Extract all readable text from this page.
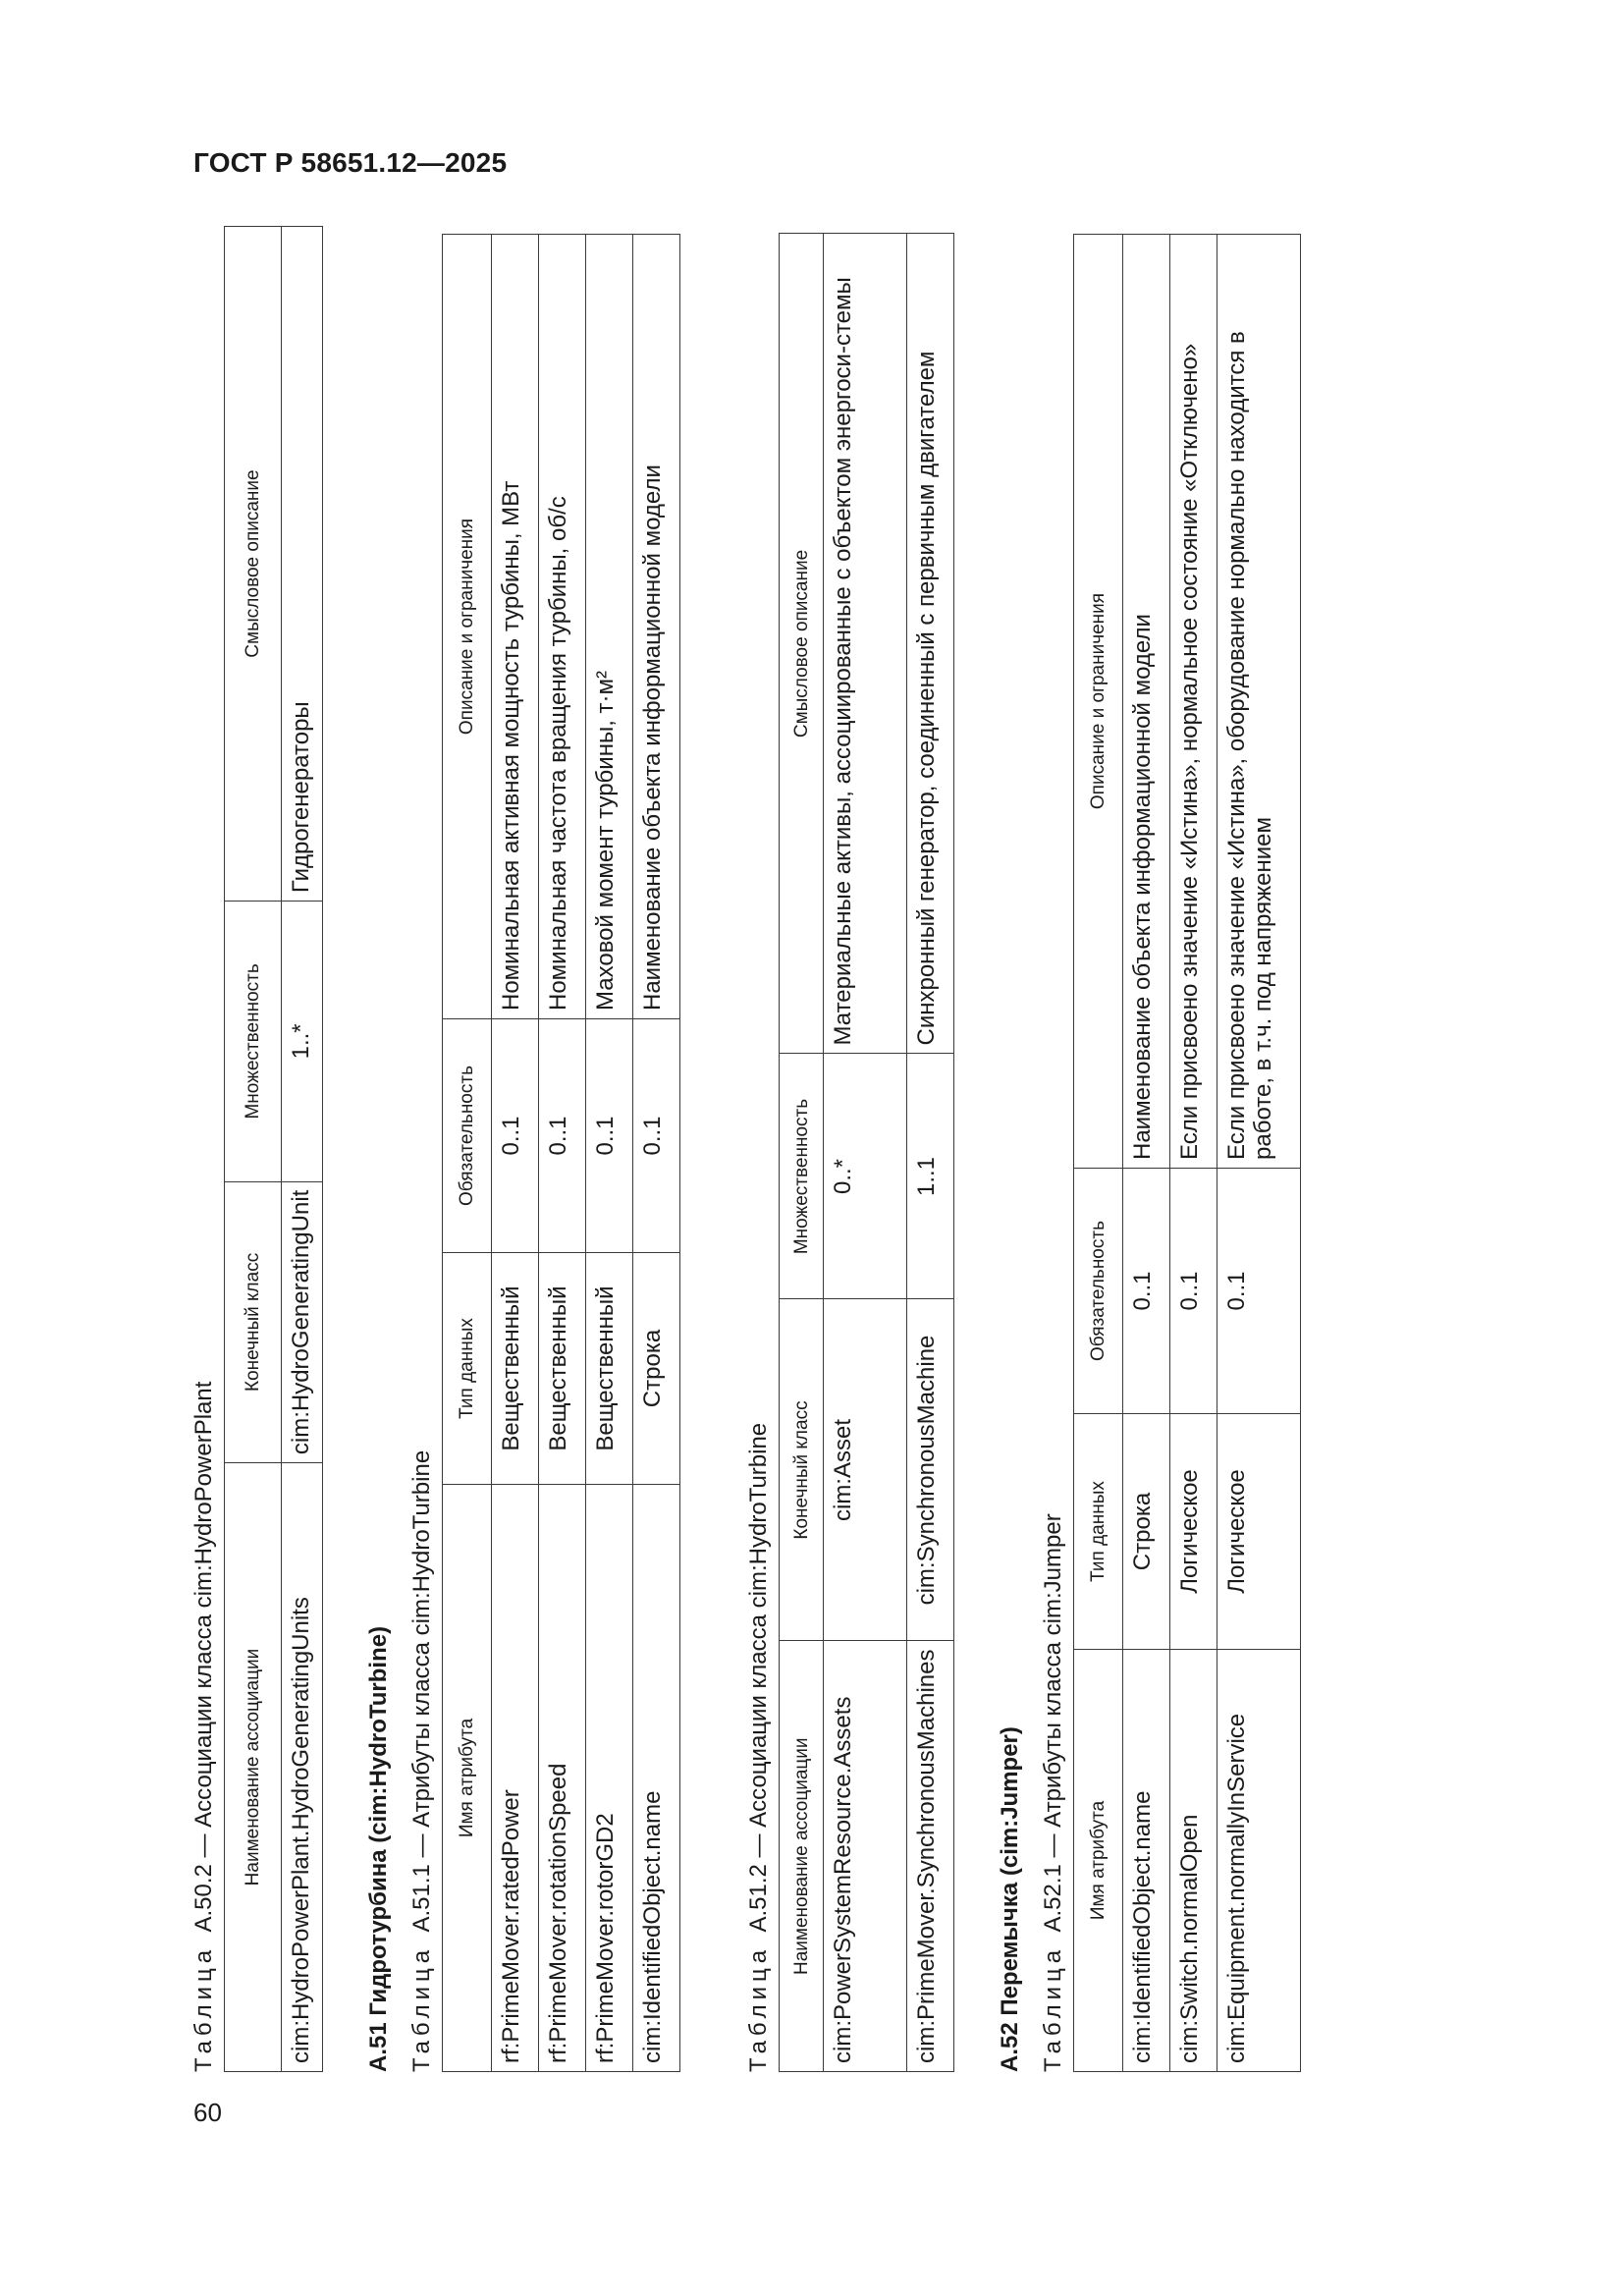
ГОСТ Р 58651.12—2025
60
Таблица  A.50.2 — Ассоциации класса cim:HydroPowerPlant Наименование ассоциации	Конечный класс	Множественность	Смысловое описание
cim:HydroPowerPlant.HydroGeneratingUnits	cim:HydroGeneratingUnit	1..*	Гидрогенераторы
A.51 Гидротурбина (cim:HydroTurbine) Таблица  A.51.1 — Атрибуты класса cim:HydroTurbine Имя атрибута	Тип данных	Обязательность	Описание и ограничения
rf:PrimeMover.ratedPower	Вещественный	0..1	Номинальная активная мощность турбины, МВт
rf:PrimeMover.rotationSpeed	Вещественный	0..1	Номинальная частота вращения турбины, об/с
rf:PrimeMover.rotorGD2	Вещественный	0..1	Маховой момент турбины, т·м²
cim:IdentifiedObject.name	Строка	0..1	Наименование объекта информационной модели
Таблица  A.51.2 — Ассоциации класса cim:HydroTurbine Наименование ассоциации	Конечный класс	Множественность	Смысловое описание
cim:PowerSystemResource.Assets	cim:Asset	0..*	Материальные активы, ассоциированные с объектом энергоси-стемы
cim:PrimeMover.SynchronousMachines	cim:SynchronousMachine	1..1	Синхронный генератор, соединенный с первичным двигателем
A.52 Перемычка (cim:Jumper) Таблица  A.52.1 — Атрибуты класса cim:Jumper Имя атрибута	Тип данных	Обязательность	Описание и ограничения
cim:IdentifiedObject.name	Строка	0..1	Наименование объекта информационной модели
cim:Switch.normalOpen	Логическое	0..1	Если присвоено значение «Истина», нормальное состояние «Отключено»
cim:Equipment.normallyInService	Логическое	0..1	Если присвоено значение «Истина», оборудование нормально находится в работе, в т.ч. под напряжением
